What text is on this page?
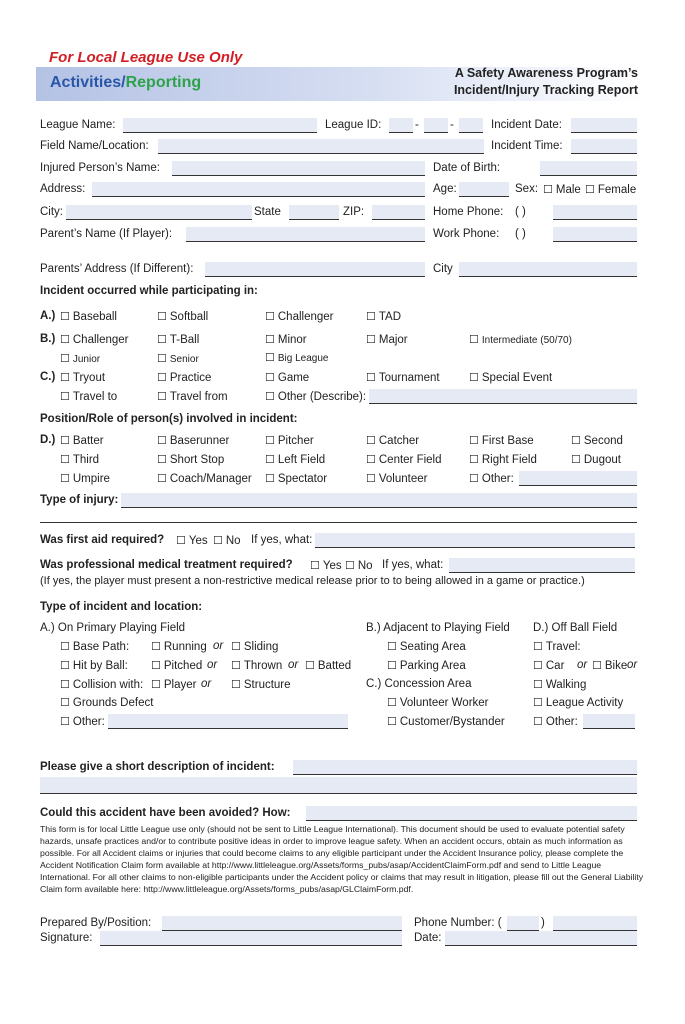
For Local League Use Only
Activities/Reporting
A Safety Awareness Program’s
Incident/Injury Tracking Report
League Name:	League ID:	-	-	Incident Date:
Field Name/Location:	Incident Time:
Injured Person’s Name:	Date of Birth:
Address:	Age:	Sex:	☐ Male	☐ Female
City:	State	ZIP:	Home Phone: ( )
Parent’s Name (If Player):	Work Phone: ( )
Parents’ Address (If Different):	City
Incident occurred while participating in:
A.)	☐ Baseball	☐ Softball	☐ Challenger	☐ TAD
B.)	☐ Challenger	☐ T-Ball	☐ Minor	☐ Major	☐ Intermediate (50/70)
☐ Junior	☐ Senior	☐ Big League
C.)	☐ Tryout	☐ Practice	☐ Game	☐ Tournament	☐ Special Event
☐ Travel to	☐ Travel from	☐ Other (Describe):
Position/Role of person(s) involved in incident:
D.)	☐ Batter	☐ Baserunner	☐ Pitcher	☐ Catcher	☐ First Base	☐ Second
☐ Third	☐ Short Stop	☐ Left Field	☐ Center Field	☐ Right Field	☐ Dugout
☐ Umpire	☐ Coach/Manager	☐ Spectator	☐ Volunteer	☐ Other:
Type of injury:
Was first aid required?	☐ Yes	☐ No If yes, what:
Was professional medical treatment required?	☐ Yes	☐ No If yes, what:
(If yes, the player must present a non-restrictive medical release prior to to being allowed in a game or practice.)
Type of incident and location:
A.) On Primary Playing Field	B.) Adjacent to Playing Field D.) Off Ball Field
☐ Base Path:	☐ Running or	☐ Sliding	☐ Seating Area	☐ Travel:
☐ Hit by Ball:	☐ Pitched or	☐ Thrown or	☐ Batted	☐ Parking Area	☐ Car or	☐ Bike or
☐ Collision with:	☐ Player or	☐ Structure	C.) Concession Area	☐ Walking
☐ Grounds Defect	☐ Volunteer Worker	☐ League Activity
☐ Other:	☐ Customer/Bystander	☐ Other:
Please give a short description of incident:
Could this accident have been avoided? How:
This form is for local Little League use only (should not be sent to Little League International). This document should be used to evaluate potential safety hazards, unsafe practices and/or to contribute positive ideas in order to improve league safety. When an accident occurs, obtain as much information as possible. For all Accident claims or injuries that could become claims to any eligible participant under the Accident Insurance policy, please complete the Accident Notification Claim form available at http://www.littleleague.org/Assets/forms_pubs/asap/AccidentClaimForm.pdf and send to Little League International. For all other claims to non-eligible participants under the Accident policy or claims that may result in litigation, please fill out the General Liability Claim form available here: http://www.littleleague.org/Assets/forms_pubs/asap/GLClaimForm.pdf.
Prepared By/Position:	Phone Number: (	)
Signature:	Date:
